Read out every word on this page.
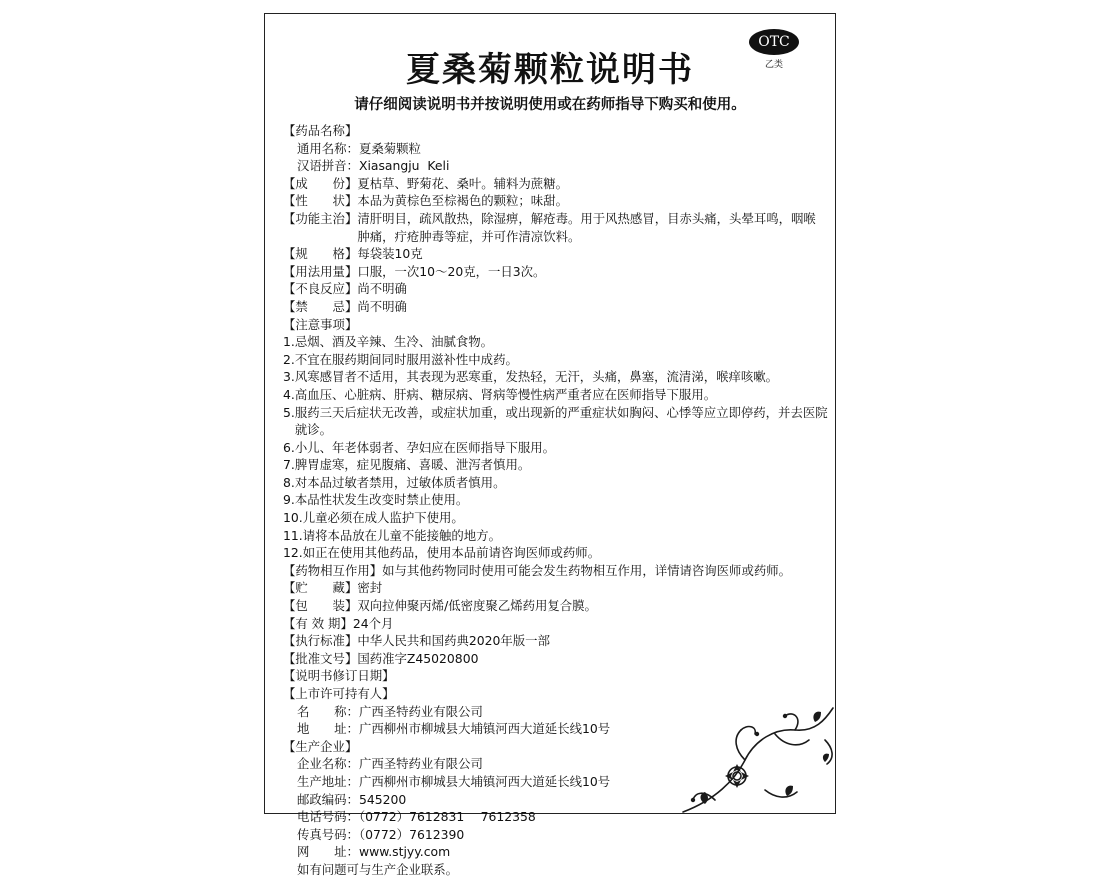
夏桑菊颗粒说明书
OTC
乙类
请仔细阅读说明书并按说明使用或在药师指导下购买和使用。
【药品名称】
通用名称：夏桑菊颗粒
汉语拼音：Xiasangju  Keli
【成　　份】 夏枯草、野菊花、桑叶。辅料为蔗糖。
【性　　状】 本品为黄棕色至棕褐色的颗粒；味甜。
【功能主治】 清肝明目，疏风散热，除湿痹，解疮毒。用于风热感冒，目赤头痛，头晕耳鸣，咽喉肿痛，疔疮肿毒等症，并可作清凉饮料。
【规　　格】 每袋装10克
【用法用量】 口服，一次10～20克，一日3次。
【不良反应】 尚不明确
【禁　　忌】 尚不明确
【注意事项】
1. 忌烟、酒及辛辣、生冷、油腻食物。
2. 不宜在服药期间同时服用滋补性中成药。
3. 风寒感冒者不适用，其表现为恶寒重，发热轻，无汗，头痛，鼻塞，流清涕，喉痒咳嗽。
4. 高血压、心脏病、肝病、糖尿病、肾病等慢性病严重者应在医师指导下服用。
5. 服药三天后症状无改善，或症状加重，或出现新的严重症状如胸闷、心悸等应立即停药，并去医院就诊。
6. 小儿、年老体弱者、孕妇应在医师指导下服用。
7. 脾胃虚寒，症见腹痛、喜暖、泄泻者慎用。
8. 对本品过敏者禁用，过敏体质者慎用。
9. 本品性状发生改变时禁止使用。
10. 儿童必须在成人监护下使用。
11. 请将本品放在儿童不能接触的地方。
12. 如正在使用其他药品，使用本品前请咨询医师或药师。
【药物相互作用】 如与其他药物同时使用可能会发生药物相互作用，详情请咨询医师或药师。
【贮　　藏】 密封
【包　　装】 双向拉伸聚丙烯/低密度聚乙烯药用复合膜。
【有 效 期】 24个月
【执行标准】 中华人民共和国药典2020年版一部
【批准文号】 国药准字Z45020800
【说明书修订日期】
【上市许可持有人】
名　　称：广西圣特药业有限公司
地　　址：广西柳州市柳城县大埔镇河西大道延长线10号
【生产企业】
企业名称：广西圣特药业有限公司
生产地址：广西柳州市柳城县大埔镇河西大道延长线10号
邮政编码：545200
电话号码：（0772）7612831　 7612358
传真号码：（0772）7612390
网　　址：www.stjyy.com
如有问题可与生产企业联系。
